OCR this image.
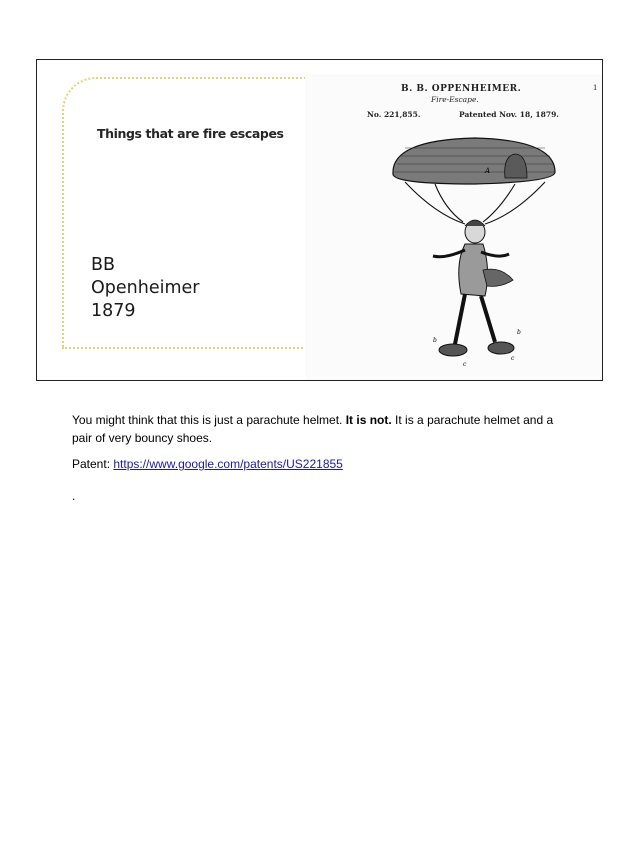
Things that are fire escapes
BB
Openheimer
1879
B. B. OPPENHEIMER.
Fire-Escape.
No. 221,855.	Patented Nov. 18, 1879.
1
A
b
b
c
c

You might think that this is just a parachute helmet. It is not. It is a parachute helmet and a pair of very bouncy shoes.

Patent: https://www.google.com/patents/US221855
.
